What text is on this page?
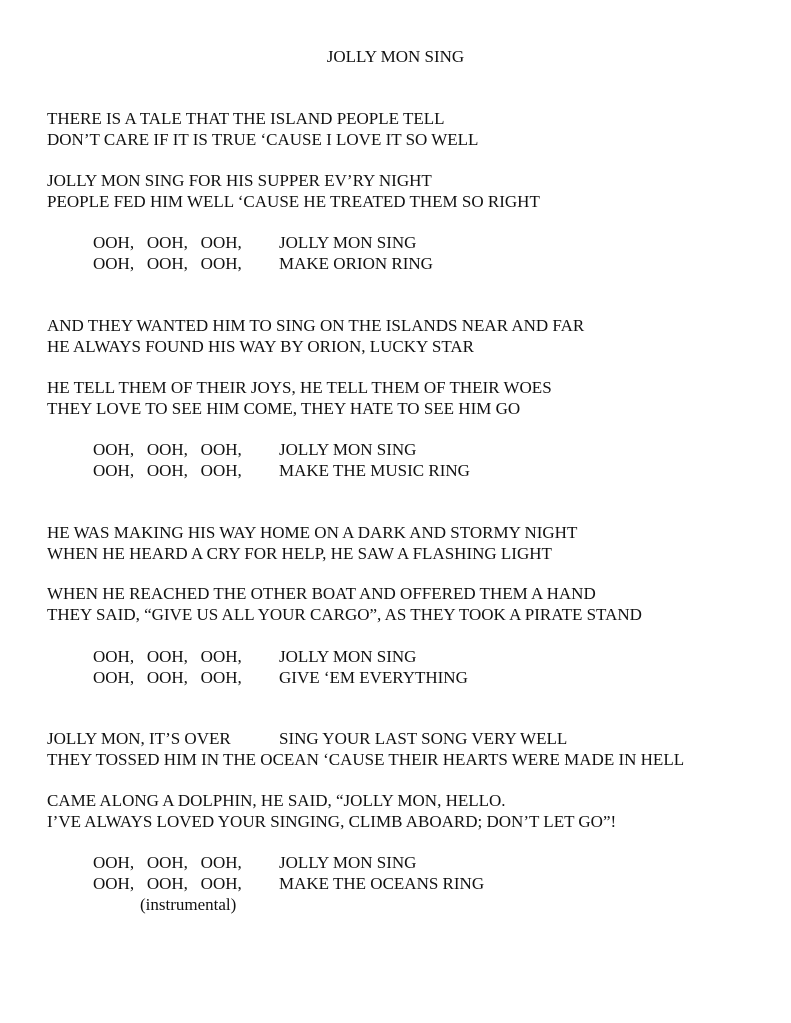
JOLLY MON SING
THERE IS A TALE THAT THE ISLAND PEOPLE TELL
DON’T CARE IF IT IS TRUE ‘CAUSE I LOVE IT SO WELL
JOLLY MON SING FOR HIS SUPPER EV’RY NIGHT
PEOPLE FED HIM WELL ‘CAUSE HE TREATED THEM SO RIGHT
OOH,   OOH,   OOH, JOLLY MON SING
OOH,   OOH,   OOH, MAKE ORION RING
AND THEY WANTED HIM TO SING ON THE ISLANDS NEAR AND FAR
HE ALWAYS FOUND HIS WAY BY ORION, LUCKY STAR
HE TELL THEM OF THEIR JOYS, HE TELL THEM OF THEIR WOES
THEY LOVE TO SEE HIM COME, THEY HATE TO SEE HIM GO
OOH,   OOH,   OOH, JOLLY MON SING
OOH,   OOH,   OOH, MAKE THE MUSIC RING
HE WAS MAKING HIS WAY HOME ON A DARK AND STORMY NIGHT
WHEN HE HEARD A CRY FOR HELP, HE SAW A FLASHING LIGHT
WHEN HE REACHED THE OTHER BOAT AND OFFERED THEM A HAND
THEY SAID, “GIVE US ALL YOUR CARGO”, AS THEY TOOK A PIRATE STAND
OOH,   OOH,   OOH, JOLLY MON SING
OOH,   OOH,   OOH, GIVE ‘EM EVERYTHING
JOLLY MON, IT’S OVER	SING YOUR LAST SONG VERY WELL
THEY TOSSED HIM IN THE OCEAN ‘CAUSE THEIR HEARTS WERE MADE IN HELL
CAME ALONG A DOLPHIN, HE SAID, “JOLLY MON, HELLO.
I’VE ALWAYS LOVED YOUR SINGING, CLIMB ABOARD; DON’T LET GO”!
OOH,   OOH,   OOH, JOLLY MON SING
OOH,   OOH,   OOH, MAKE THE OCEANS RING
(instrumental)
